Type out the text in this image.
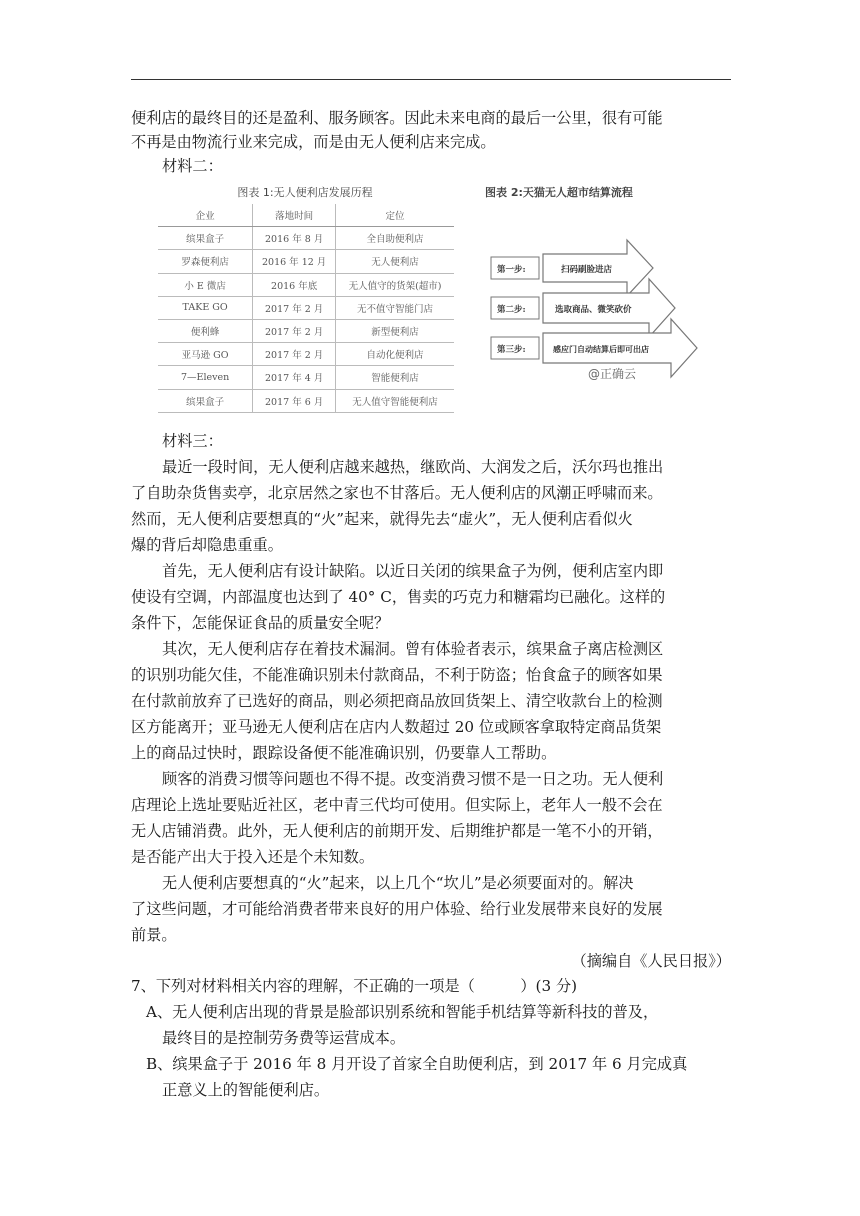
便利店的最终目的还是盈利、服务顾客。因此未来电商的最后一公里，很有可能
不再是由物流行业来完成，而是由无人便利店来完成。
材料二：
图表 1:无人便利店发展历程
企业	落地时间	定位
缤果盒子	2016 年 8 月	全自助便利店
罗森便利店	2016 年 12 月	无人便利店
小 E 微店	2016 年底	无人值守的货架(超市)
TAKE GO	2017 年 2 月	无不值守智能门店
便利蜂	2017 年 2 月	新型便利店
亚马逊 GO	2017 年 2 月	自动化便利店
7—Eleven	2017 年 4 月	智能便利店
缤果盒子	2017 年 6 月	无人值守智能便利店
图表 2:天猫无人超市结算流程
第一步:	扫码刷脸进店
第二步:	选取商品、微笑砍价
第三步:	感应门自动结算后即可出店
@正确云
材料三：
最近一段时间，无人便利店越来越热，继欧尚、大润发之后，沃尔玛也推出
了自助杂货售卖亭，北京居然之家也不甘落后。无人便利店的风潮正呼啸而来。
然而，无人便利店要想真的“火”起来，就得先去“虚火”，无人便利店看似火
爆的背后却隐患重重。
首先，无人便利店有设计缺陷。以近日关闭的缤果盒子为例，便利店室内即
使设有空调，内部温度也达到了 40° C，售卖的巧克力和糖霜均已融化。这样的
条件下，怎能保证食品的质量安全呢？
其次，无人便利店存在着技术漏洞。曾有体验者表示，缤果盒子离店检测区
的识别功能欠佳，不能准确识别未付款商品，不利于防盗；怡食盒子的顾客如果
在付款前放弃了已选好的商品，则必须把商品放回货架上、清空收款台上的检测
区方能离开；亚马逊无人便利店在店内人数超过 20 位或顾客拿取特定商品货架
上的商品过快时，跟踪设备便不能准确识别，仍要靠人工帮助。
顾客的消费习惯等问题也不得不提。改变消费习惯不是一日之功。无人便利
店理论上选址要贴近社区，老中青三代均可使用。但实际上，老年人一般不会在
无人店铺消费。此外，无人便利店的前期开发、后期维护都是一笔不小的开销，
是否能产出大于投入还是个未知数。
无人便利店要想真的“火”起来，以上几个“坎儿”是必须要面对的。解决
了这些问题，才可能给消费者带来良好的用户体验、给行业发展带来良好的发展
前景。
（摘编自《人民日报》）
7、下列对材料相关内容的理解，不正确的一项是（　　　）(3 分)
A、无人便利店出现的背景是脸部识别系统和智能手机结算等新科技的普及，
最终目的是控制劳务费等运营成本。
B、缤果盒子于 2016 年 8 月开设了首家全自助便利店，到 2017 年 6 月完成真
正意义上的智能便利店。
